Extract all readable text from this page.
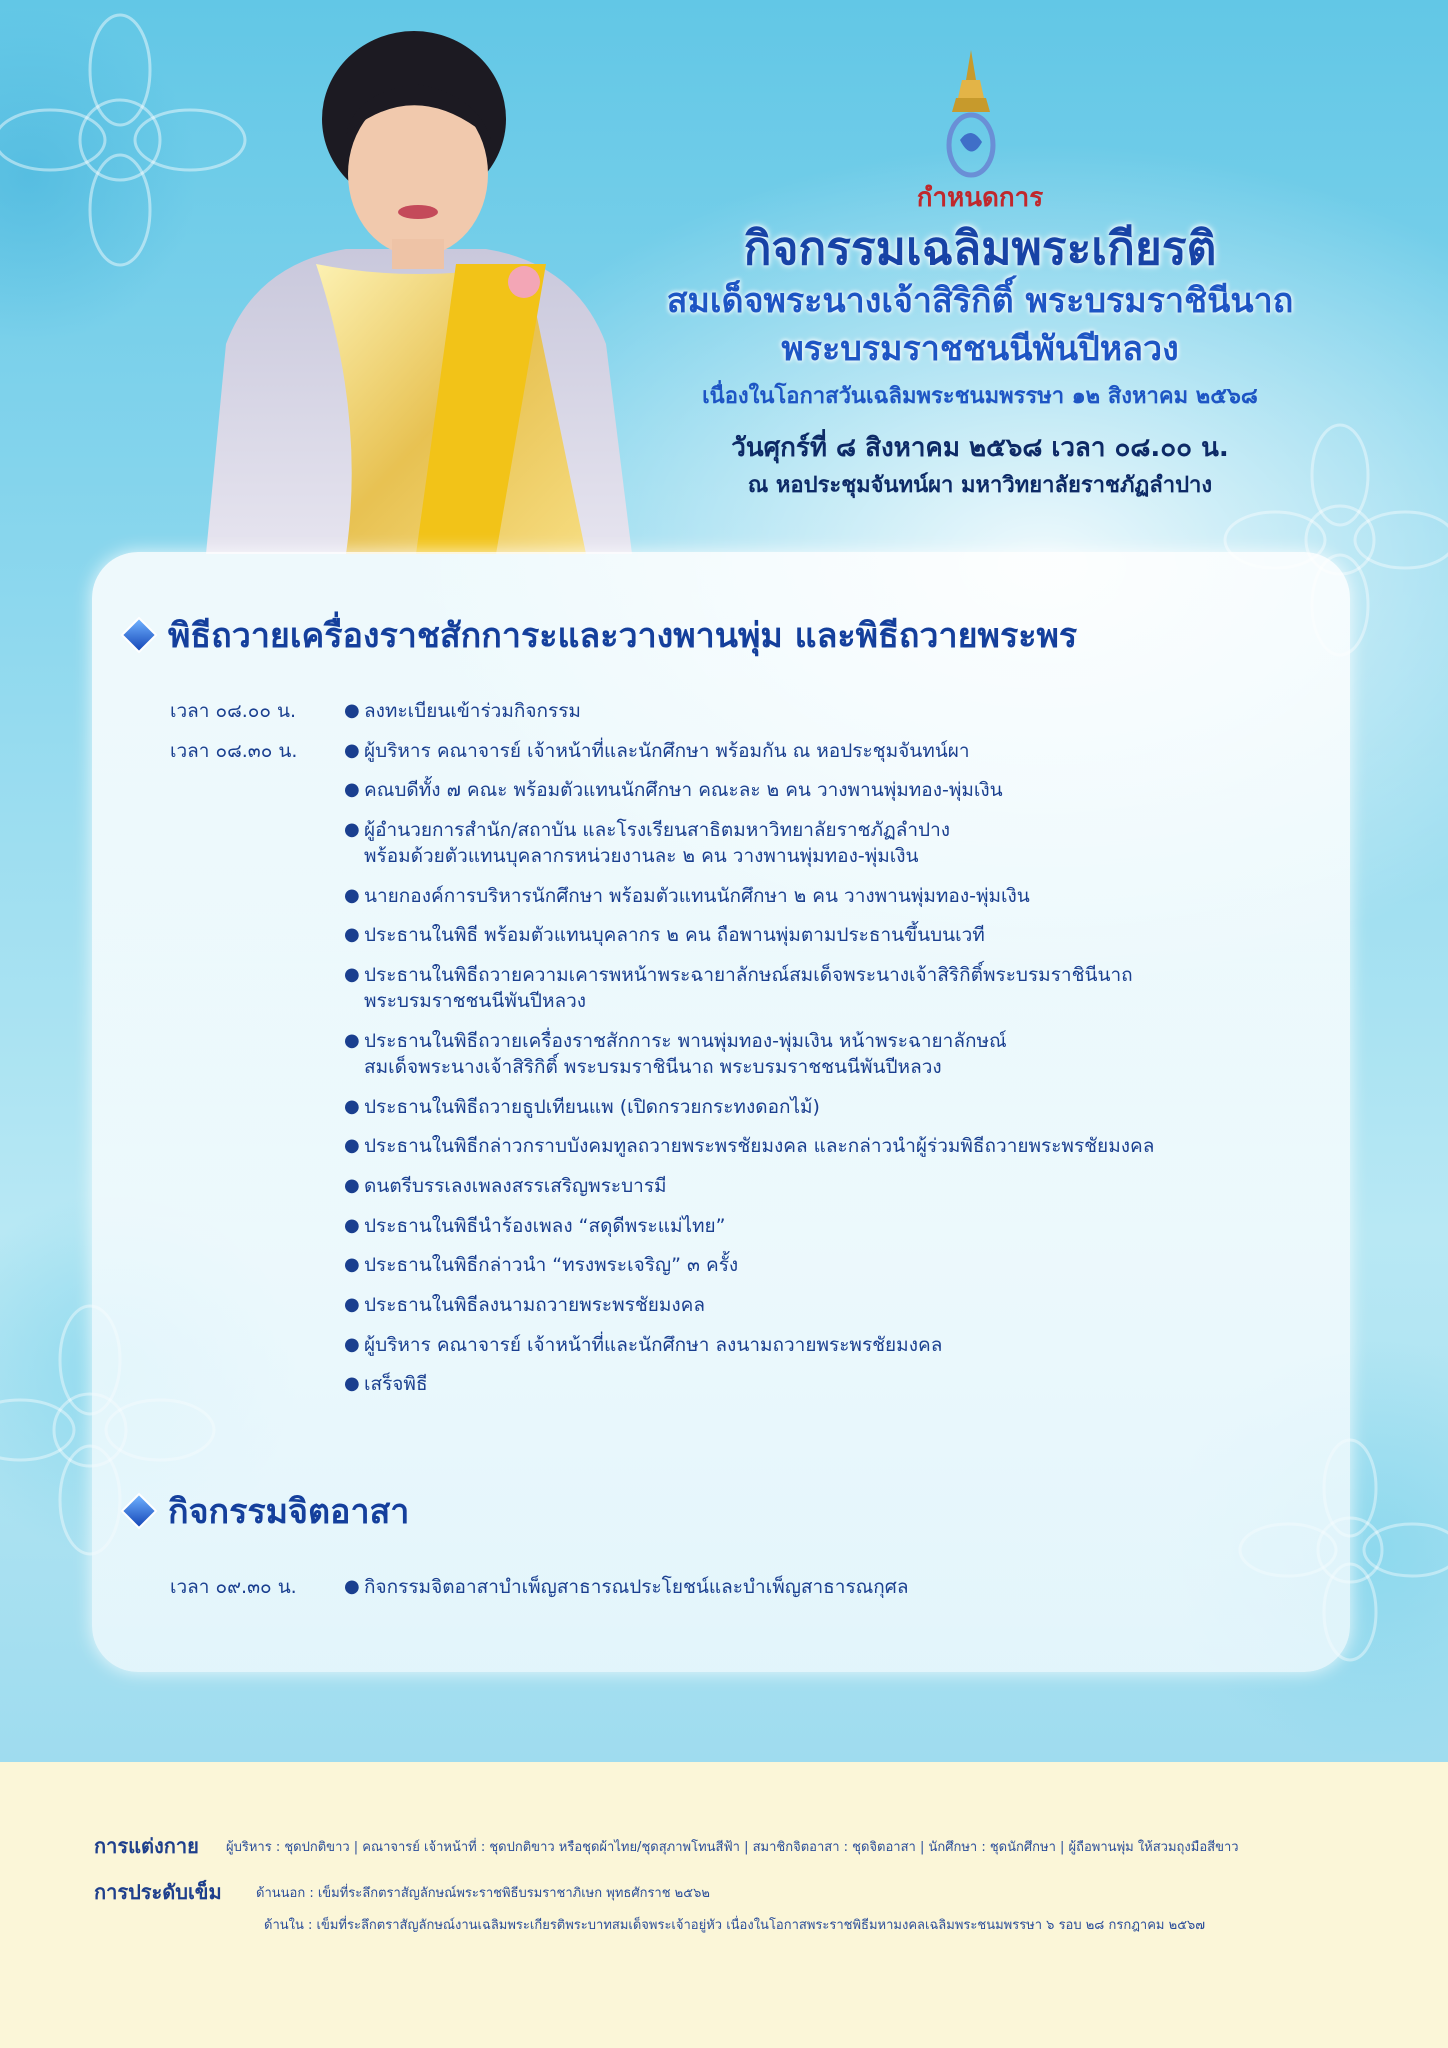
กำหนดการ

กิจกรรมเฉลิมพระเกียรติ

สมเด็จพระนางเจ้าสิริกิติ์ พระบรมราชินีนาถ

พระบรมราชชนนีพันปีหลวง

เนื่องในโอกาสวันเฉลิมพระชนมพรรษา ๑๒ สิงหาคม ๒๕๖๘

วันศุกร์ที่ ๘ สิงหาคม ๒๕๖๘ เวลา ๐๘.๐๐ น.

ณ หอประชุมจันทน์ผา มหาวิทยาลัยราชภัฏลำปาง

พิธีถวายเครื่องราชสักการะและวางพานพุ่ม และพิธีถวายพระพร
เวลา ๐๘.๐๐ น.	● ลงทะเบียนเข้าร่วมกิจกรรม
เวลา ๐๘.๓๐ น.	● ผู้บริหาร คณาจารย์ เจ้าหน้าที่และนักศึกษา พร้อมกัน ณ หอประชุมจันทน์ผา
● คณบดีทั้ง ๗ คณะ พร้อมตัวแทนนักศึกษา คณะละ ๒ คน วางพานพุ่มทอง-พุ่มเงิน
● ผู้อำนวยการสำนัก/สถาบัน และโรงเรียนสาธิตมหาวิทยาลัยราชภัฏลำปาง
พร้อมด้วยตัวแทนบุคลากรหน่วยงานละ ๒ คน วางพานพุ่มทอง-พุ่มเงิน
● นายกองค์การบริหารนักศึกษา พร้อมตัวแทนนักศึกษา ๒ คน วางพานพุ่มทอง-พุ่มเงิน
● ประธานในพิธี พร้อมตัวแทนบุคลากร ๒ คน ถือพานพุ่มตามประธานขึ้นบนเวที
● ประธานในพิธีถวายความเคารพหน้าพระฉายาลักษณ์สมเด็จพระนางเจ้าสิริกิติ์พระบรมราชินีนาถ
พระบรมราชชนนีพันปีหลวง
● ประธานในพิธีถวายเครื่องราชสักการะ พานพุ่มทอง-พุ่มเงิน หน้าพระฉายาลักษณ์
สมเด็จพระนางเจ้าสิริกิติ์ พระบรมราชินีนาถ พระบรมราชชนนีพันปีหลวง
● ประธานในพิธีถวายธูปเทียนแพ (เปิดกรวยกระทงดอกไม้)
● ประธานในพิธีกล่าวกราบบังคมทูลถวายพระพรชัยมงคล และกล่าวนำผู้ร่วมพิธีถวายพระพรชัยมงคล
● ดนตรีบรรเลงเพลงสรรเสริญพระบารมี
● ประธานในพิธีนำร้องเพลง “สดุดีพระแม่ไทย”
● ประธานในพิธีกล่าวนำ “ทรงพระเจริญ” ๓ ครั้ง
● ประธานในพิธีลงนามถวายพระพรชัยมงคล
● ผู้บริหาร คณาจารย์ เจ้าหน้าที่และนักศึกษา ลงนามถวายพระพรชัยมงคล
● เสร็จพิธี
กิจกรรมจิตอาสา
เวลา ๐๙.๓๐ น.	● กิจกรรมจิตอาสาบำเพ็ญสาธารณประโยชน์และบำเพ็ญสาธารณกุศล
การแต่งกาย ผู้บริหาร : ชุดปกติขาว | คณาจารย์ เจ้าหน้าที่ : ชุดปกติขาว หรือชุดผ้าไทย/ชุดสุภาพโทนสีฟ้า | สมาชิกจิตอาสา : ชุดจิตอาสา | นักศึกษา : ชุดนักศึกษา | ผู้ถือพานพุ่ม ให้สวมถุงมือสีขาว
การประดับเข็ม	ด้านนอก : เข็มที่ระลึกตราสัญลักษณ์พระราชพิธีบรมราชาภิเษก พุทธศักราช ๒๕๖๒
ด้านใน : เข็มที่ระลึกตราสัญลักษณ์งานเฉลิมพระเกียรติพระบาทสมเด็จพระเจ้าอยู่หัว เนื่องในโอกาสพระราชพิธีมหามงคลเฉลิมพระชนมพรรษา ๖ รอบ ๒๘ กรกฎาคม ๒๕๖๗
